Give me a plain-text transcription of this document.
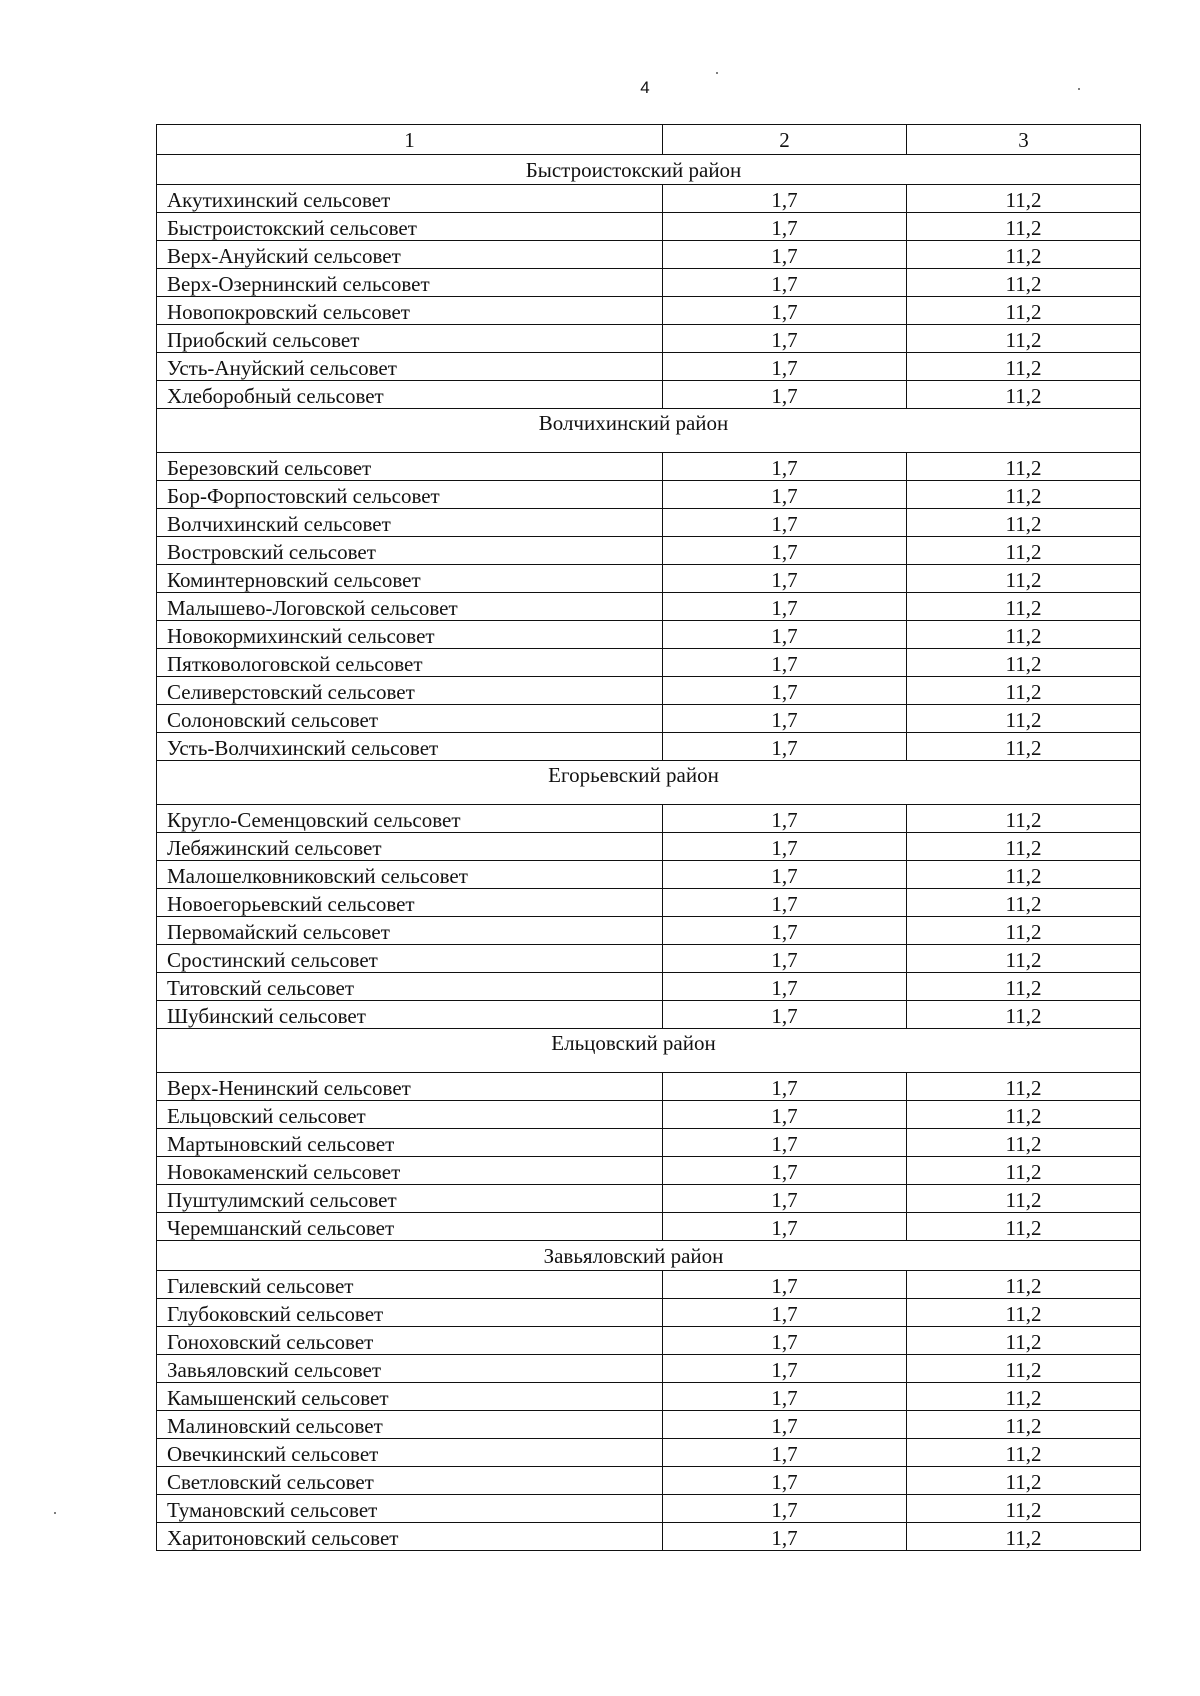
4
1	2	3

Быстроистокский район		

Акутихинский сельсовет	1,7	11,2
Быстроистокский сельсовет	1,7	11,2
Верх-Ануйский сельсовет	1,7	11,2
Верх-Озернинский сельсовет	1,7	11,2
Новопокровский сельсовет	1,7	11,2
Приобский сельсовет	1,7	11,2
Усть-Ануйский сельсовет	1,7	11,2
Хлеборобный сельсовет	1,7	11,2

Волчихинский район		

Березовский сельсовет	1,7	11,2
Бор-Форпостовский сельсовет	1,7	11,2
Волчихинский сельсовет	1,7	11,2
Востровский сельсовет	1,7	11,2
Коминтерновский сельсовет	1,7	11,2
Малышево-Логовской сельсовет	1,7	11,2
Новокормихинский сельсовет	1,7	11,2
Пятковологовской сельсовет	1,7	11,2
Селиверстовский сельсовет	1,7	11,2
Солоновский сельсовет	1,7	11,2
Усть-Волчихинский сельсовет	1,7	11,2

Егорьевский район		

Кругло-Семенцовский сельсовет	1,7	11,2
Лебяжинский сельсовет	1,7	11,2
Малошелковниковский сельсовет	1,7	11,2
Новоегорьевский сельсовет	1,7	11,2
Первомайский сельсовет	1,7	11,2
Сростинский сельсовет	1,7	11,2
Титовский сельсовет	1,7	11,2
Шубинский сельсовет	1,7	11,2

Ельцовский район		

Верх-Ненинский сельсовет	1,7	11,2
Ельцовский сельсовет	1,7	11,2
Мартыновский сельсовет	1,7	11,2
Новокаменский сельсовет	1,7	11,2
Пуштулимский сельсовет	1,7	11,2
Черемшанский сельсовет	1,7	11,2

Завьяловский район		

Гилевский сельсовет	1,7	11,2
Глубоковский сельсовет	1,7	11,2
Гоноховский сельсовет	1,7	11,2
Завьяловский сельсовет	1,7	11,2
Камышенский сельсовет	1,7	11,2
Малиновский сельсовет	1,7	11,2
Овечкинский сельсовет	1,7	11,2
Светловский сельсовет	1,7	11,2
Тумановский сельсовет	1,7	11,2
Харитоновский сельсовет	1,7	11,2
